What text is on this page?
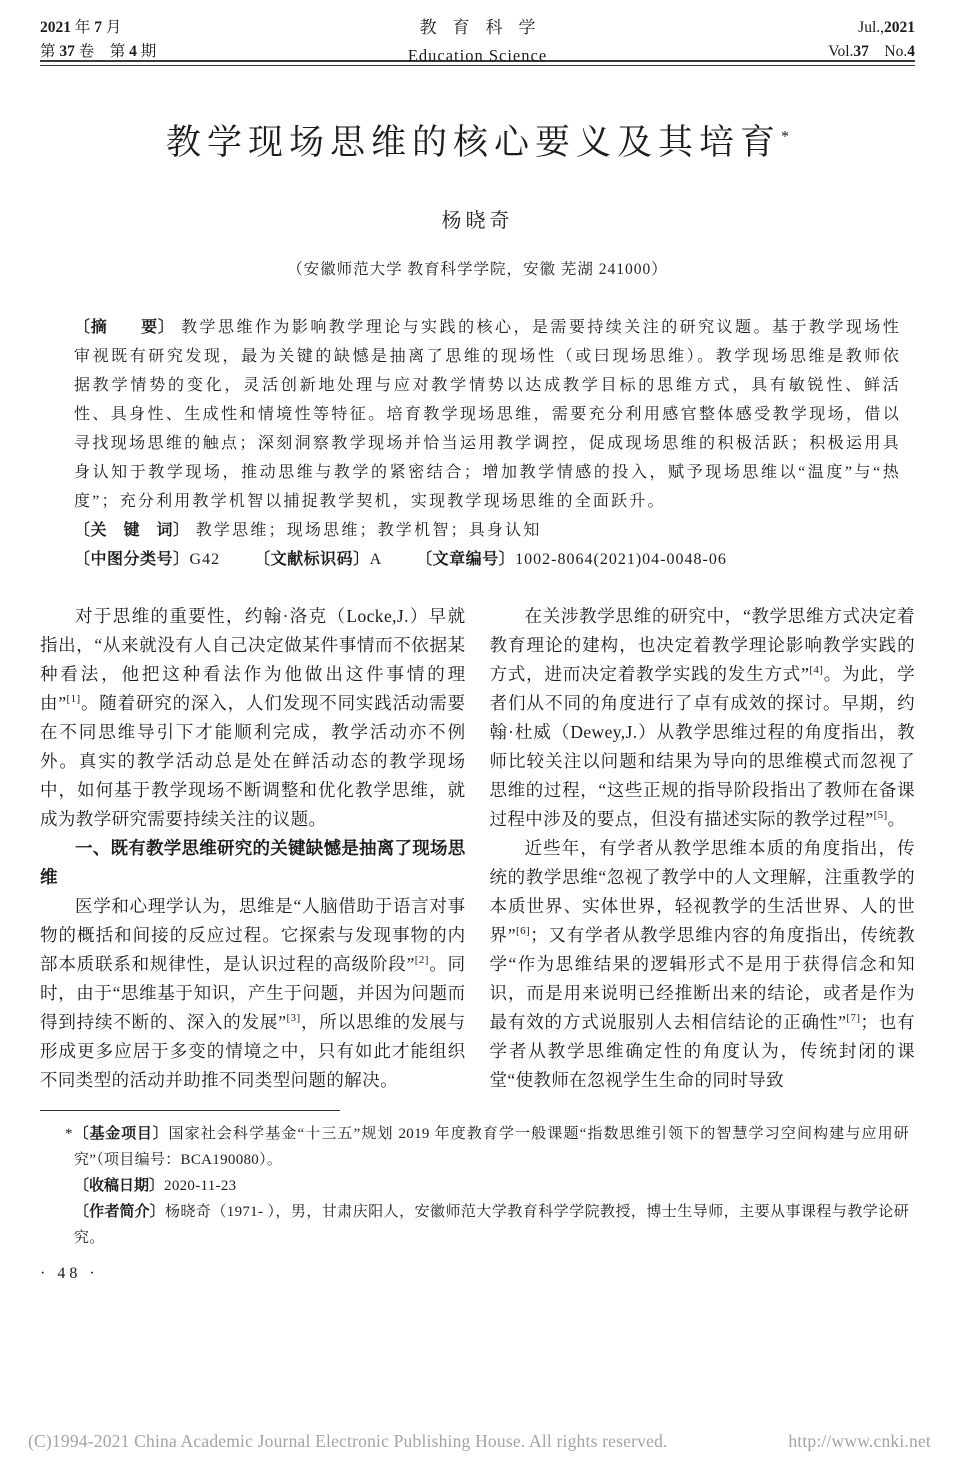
2021 年 7 月
第 37 卷　第 4 期
教育科学
Education Science
Jul.,2021
Vol.37　No.4
教学现场思维的核心要义及其培育*
杨晓奇
（安徽师范大学 教育科学学院，安徽 芜湖 241000）

〔摘　　要〕 教学思维作为影响教学理论与实践的核心，是需要持续关注的研究议题。基于教学现场性审视既有研究发现，最为关键的缺憾是抽离了思维的现场性（或曰现场思维）。教学现场思维是教师依据教学情势的变化，灵活创新地处理与应对教学情势以达成教学目标的思维方式，具有敏锐性、鲜活性、具身性、生成性和情境性等特征。培育教学现场思维，需要充分利用感官整体感受教学现场，借以寻找现场思维的触点；深刻洞察教学现场并恰当运用教学调控，促成现场思维的积极活跃；积极运用具身认知于教学现场，推动思维与教学的紧密结合；增加教学情感的投入，赋予现场思维以“温度”与“热度”；充分利用教学机智以捕捉教学契机，实现教学现场思维的全面跃升。

〔关　键　词〕 教学思维；现场思维；教学机智；具身认知

〔中图分类号〕G42 〔文献标识码〕A 〔文章编号〕1002-8064(2021)04-0048-06

对于思维的重要性，约翰·洛克（Locke,J.）早就指出，“从来就没有人自己决定做某件事情而不依据某种看法，他把这种看法作为他做出这件事情的理由”[1]。随着研究的深入，人们发现不同实践活动需要在不同思维导引下才能顺利完成，教学活动亦不例外。真实的教学活动总是处在鲜活动态的教学现场中，如何基于教学现场不断调整和优化教学思维，就成为教学研究需要持续关注的议题。

一、既有教学思维研究的关键缺憾是抽离了现场思维

医学和心理学认为，思维是“人脑借助于语言对事物的概括和间接的反应过程。它探索与发现事物的内部本质联系和规律性，是认识过程的高级阶段”[2]。同时，由于“思维基于知识，产生于问题，并因为问题而得到持续不断的、深入的发展”[3]，所以思维的发展与形成更多应居于多变的情境之中，只有如此才能组织不同类型的活动并助推不同类型问题的解决。

在关涉教学思维的研究中，“教学思维方式决定着教育理论的建构，也决定着教学理论影响教学实践的方式，进而决定着教学实践的发生方式”[4]。为此，学者们从不同的角度进行了卓有成效的探讨。早期，约翰·杜威（Dewey,J.）从教学思维过程的角度指出，教师比较关注以问题和结果为导向的思维模式而忽视了思维的过程，“这些正规的指导阶段指出了教师在备课过程中涉及的要点，但没有描述实际的教学过程”[5]。

近些年，有学者从教学思维本质的角度指出，传统的教学思维“忽视了教学中的人文理解，注重教学的本质世界、实体世界，轻视教学的生活世界、人的世界”[6]；又有学者从教学思维内容的角度指出，传统教学“作为思维结果的逻辑形式不是用于获得信念和知识，而是用来说明已经推断出来的结论，或者是作为最有效的方式说服别人去相信结论的正确性”[7]；也有学者从教学思维确定性的角度认为，传统封闭的课堂“使教师在忽视学生生命的同时导致

*〔基金项目〕国家社会科学基金“十三五”规划 2019 年度教育学一般课题“指数思维引领下的智慧学习空间构建与应用研究”（项目编号：BCA190080）。

〔收稿日期〕2020-11-23

〔作者简介〕杨晓奇（1971- ），男，甘肃庆阳人，安徽师范大学教育科学学院教授，博士生导师，主要从事课程与教学论研究。

· 48 ·
(C)1994-2021 China Academic Journal Electronic Publishing House. All rights reserved.	http://www.cnki.net
